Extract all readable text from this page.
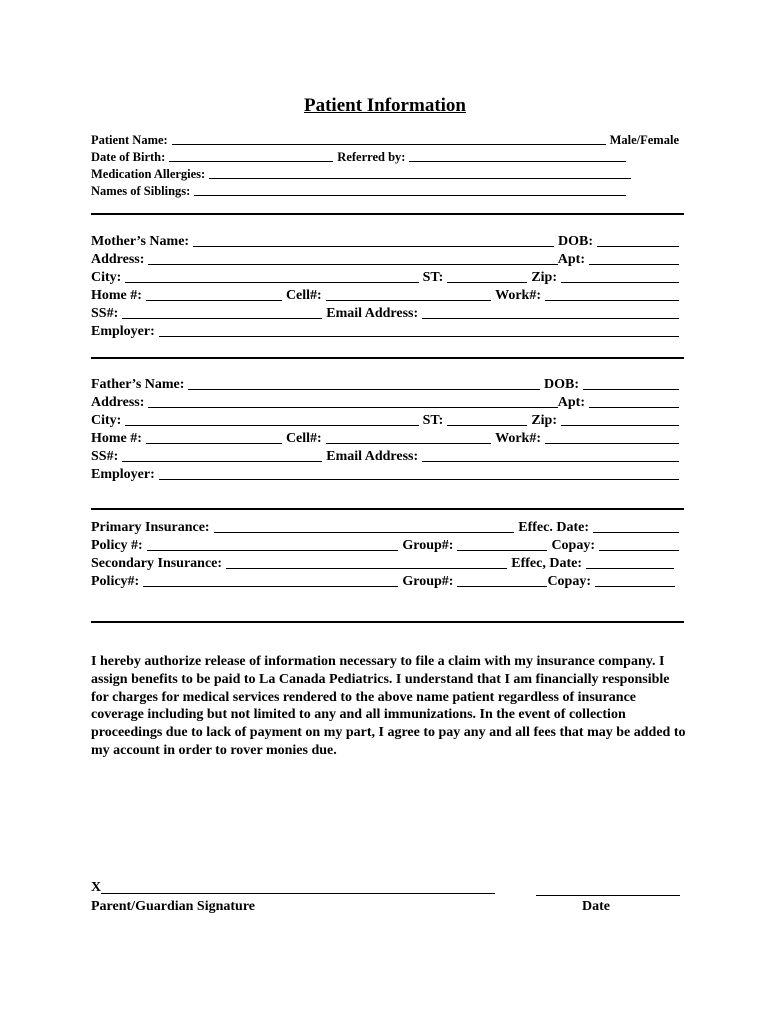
Patient Information
Patient Name:	Male/Female
Date of Birth:	Referred by:
Medication Allergies:
Names of Siblings:
Mother’s Name:	DOB:
Address:	Apt:
City:	ST:	Zip:
Home #:	Cell#:	Work#:
SS#:	Email Address:
Employer:
Father’s Name:	DOB:
Address:	Apt:
City:	ST:	Zip:
Home #:	Cell#:	Work#:
SS#:	Email Address:
Employer:
Primary Insurance:	Effec. Date:
Policy #:	Group#:	Copay:
Secondary Insurance:	Effec, Date:
Policy#:	Group#:	Copay:

I hereby authorize release of information necessary to file a claim with my insurance company. I assign benefits to be paid to La Canada Pediatrics. I understand that I am financially responsible for charges for medical services rendered to the above name patient regardless of insurance coverage including but not limited to any and all immunizations. In the event of collection proceedings due to lack of payment on my part, I agree to pay any and all fees that may be added to my account in order to rover monies due.

X
Parent/Guardian Signature	Date
